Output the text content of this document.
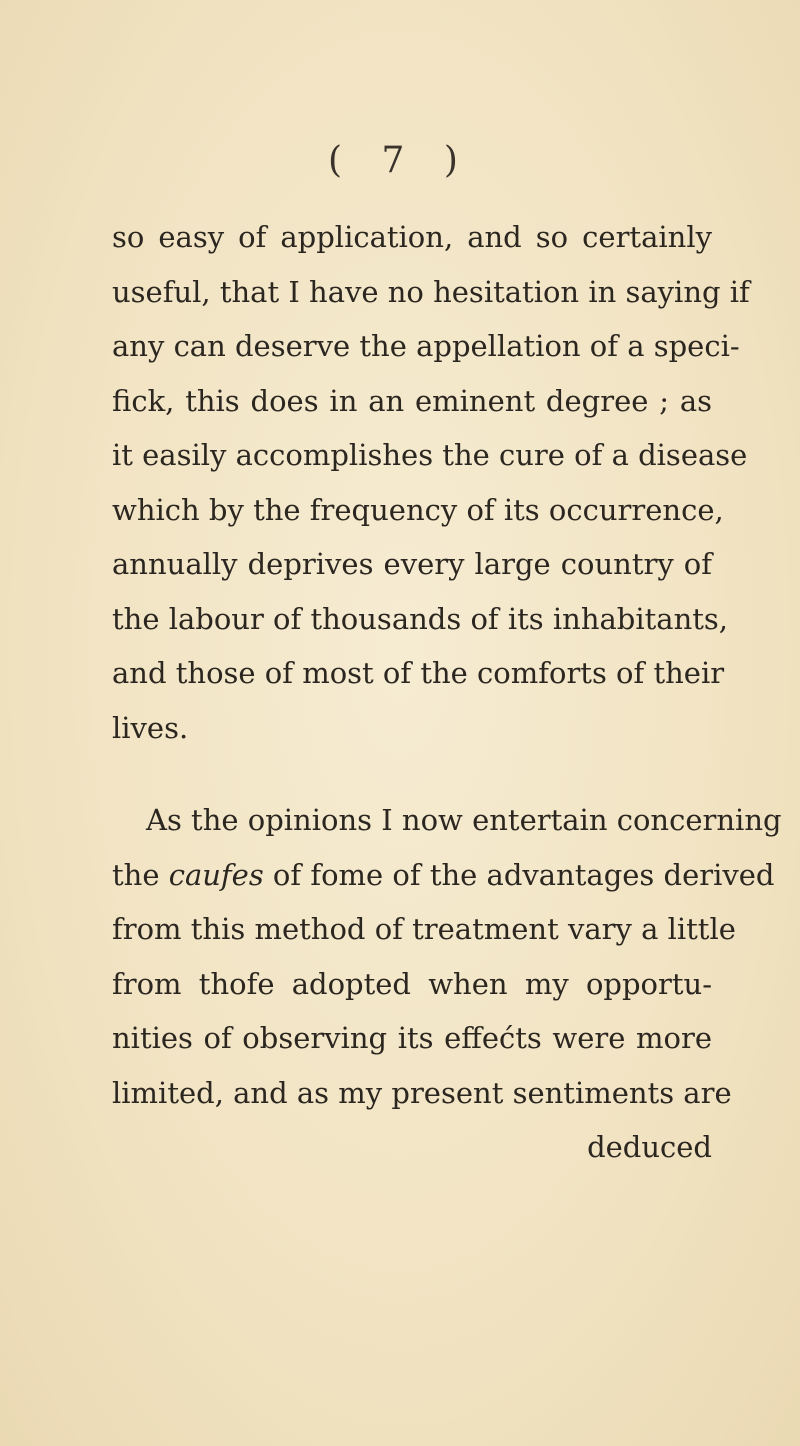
( 7 )
so easy of application, and so certainly
useful, that I have no hesitation in saying if
any can deserve the appellation of a speci-
fick, this does in an eminent degree ; as
it easily accomplishes the cure of a disease
which by the frequency of its occurrence,
annually deprives every large country of
the labour of thousands of its inhabitants,
and those of most of the comforts of their
lives.
As the opinions I now entertain concerning
the caufes of fome of the advantages derived
from this method of treatment vary a little
from thofe adopted when my opportu-
nities of observing its effećts were more
limited, and as my present sentiments are
deduced
